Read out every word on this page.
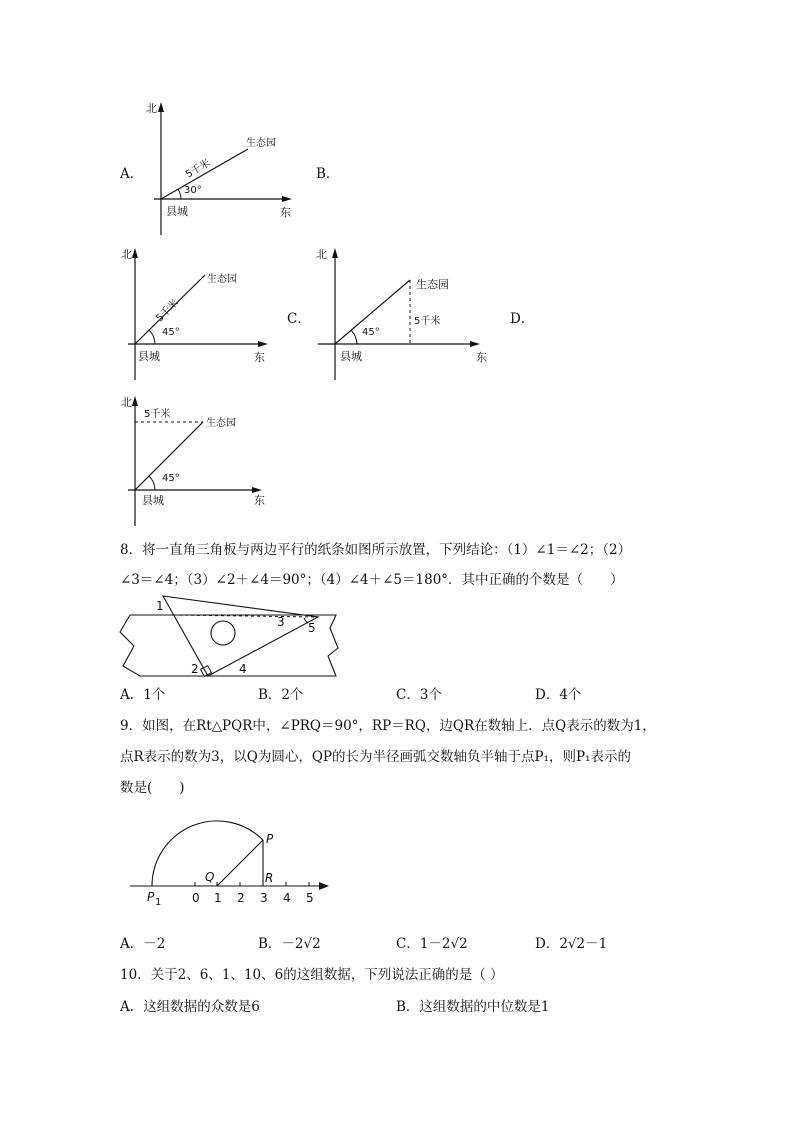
A．	B．
C．	D．
北
东
县城
生态园
30°
5千米
北
东
县城
生态园
45°
5千米
北
东
县城
生态园
45°
5千米
北
东
县城
生态园
45°
5千米
8．将一直角三角板与两边平行的纸条如图所示放置，下列结论：（1）∠1＝∠2；（2）
∠3＝∠4；（3）∠2＋∠4＝90°；（4）∠4＋∠5＝180°．其中正确的个数是（　　）
1
2
3
4
5
A．1个	B．2个	C．3个	D．4个
9．如图，在Rt△PQR中，∠PRQ＝90°，RP＝RQ，边QR在数轴上．点Q表示的数为1，
点R表示的数为3，以Q为圆心，QP的长为半径画弧交数轴负半轴于点P₁，则P₁表示的
数是(　　)
P
Q	R
P 1	0 1 2 3 4 5
A．－2	B．－2√2	C．1－2√2	D．2√2－1
10．关于2、6、1、10、6的这组数据，下列说法正确的是（ ）
A．这组数据的众数是6	B．这组数据的中位数是1
